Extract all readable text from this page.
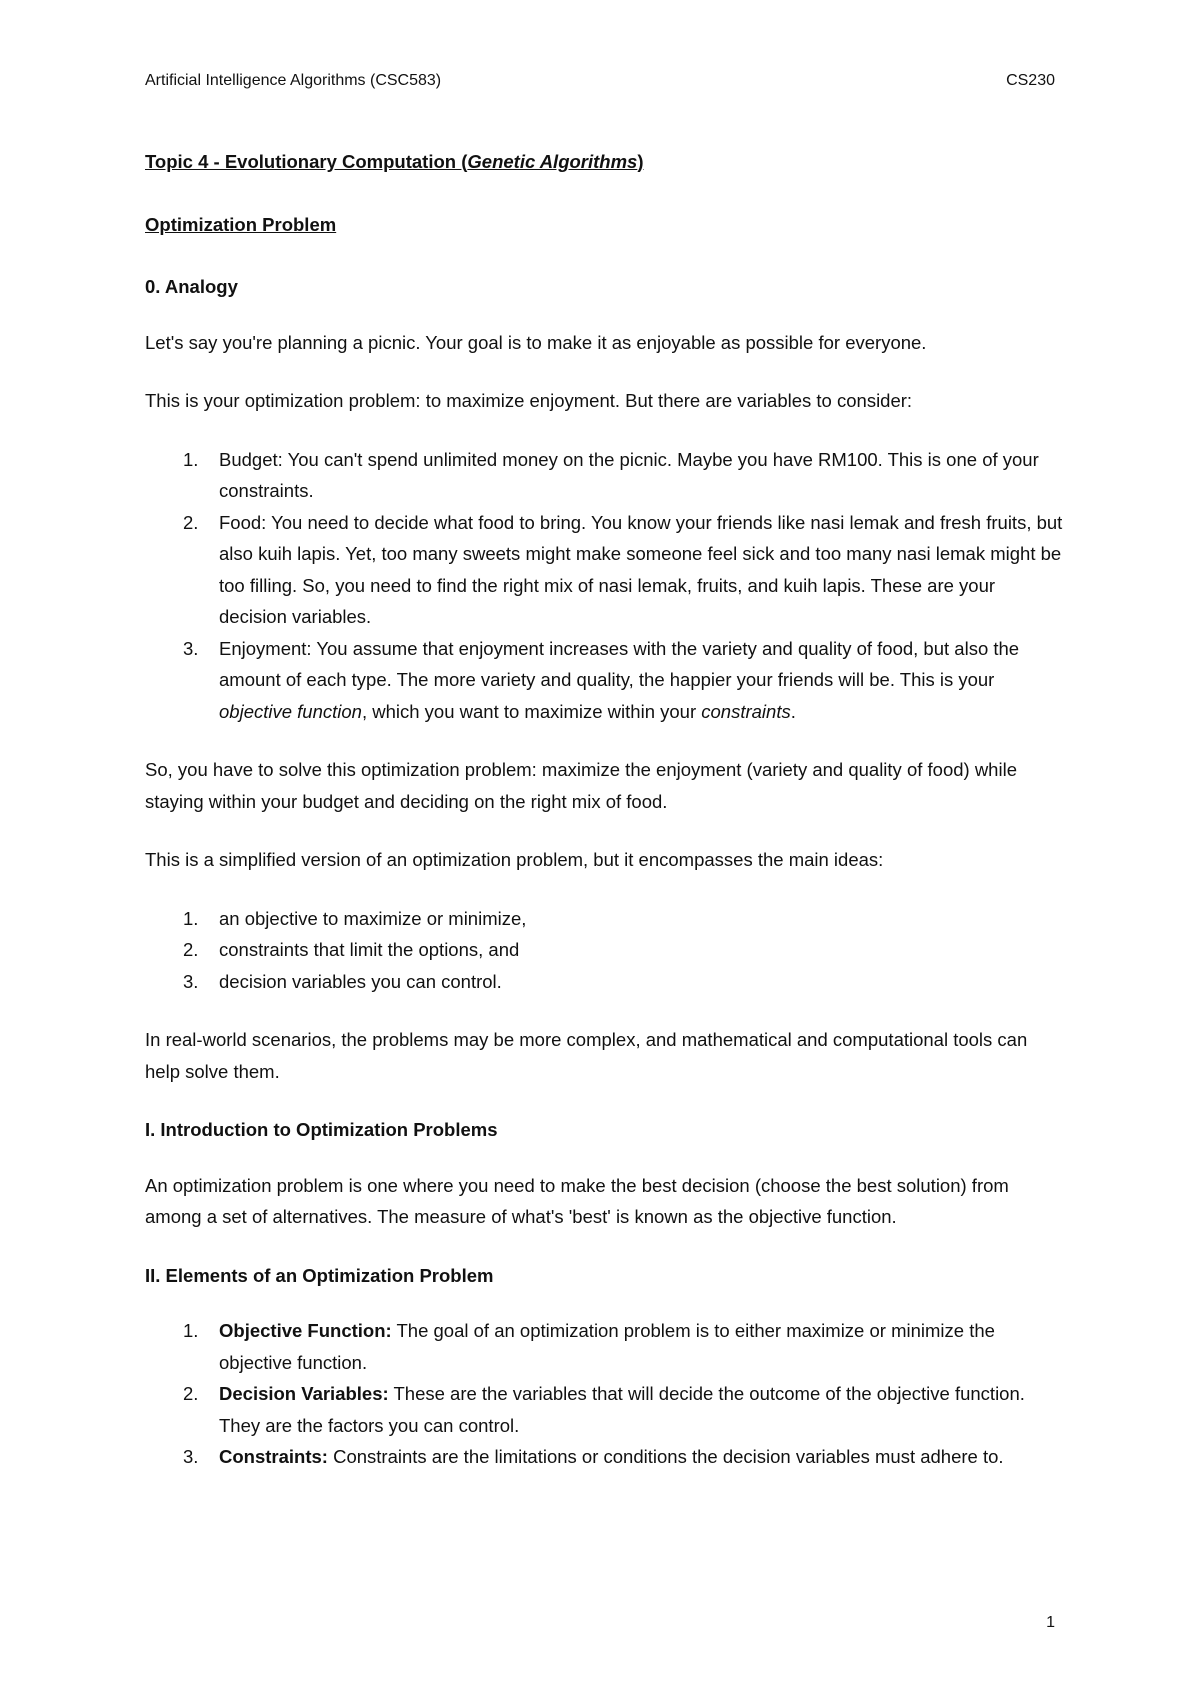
Artificial Intelligence Algorithms (CSC583)	CS230

Topic 4 - Evolutionary Computation (Genetic Algorithms)

Optimization Problem

0. Analogy

Let's say you're planning a picnic. Your goal is to make it as enjoyable as possible for everyone.

This is your optimization problem: to maximize enjoyment. But there are variables to consider:

1. Budget: You can't spend unlimited money on the picnic. Maybe you have RM100. This is one of your constraints.
2. Food: You need to decide what food to bring. You know your friends like nasi lemak and fresh fruits, but also kuih lapis. Yet, too many sweets might make someone feel sick and too many nasi lemak might be too filling. So, you need to find the right mix of nasi lemak, fruits, and kuih lapis. These are your decision variables.
3. Enjoyment: You assume that enjoyment increases with the variety and quality of food, but also the amount of each type. The more variety and quality, the happier your friends will be. This is your objective function, which you want to maximize within your constraints.

So, you have to solve this optimization problem: maximize the enjoyment (variety and quality of food) while staying within your budget and deciding on the right mix of food.

This is a simplified version of an optimization problem, but it encompasses the main ideas:

1. an objective to maximize or minimize,
2. constraints that limit the options, and
3. decision variables you can control.

In real-world scenarios, the problems may be more complex, and mathematical and computational tools can help solve them.

I. Introduction to Optimization Problems

An optimization problem is one where you need to make the best decision (choose the best solution) from among a set of alternatives. The measure of what's 'best' is known as the objective function.

II. Elements of an Optimization Problem

1. Objective Function: The goal of an optimization problem is to either maximize or minimize the objective function.
2. Decision Variables: These are the variables that will decide the outcome of the objective function. They are the factors you can control.
3. Constraints: Constraints are the limitations or conditions the decision variables must adhere to.
1
